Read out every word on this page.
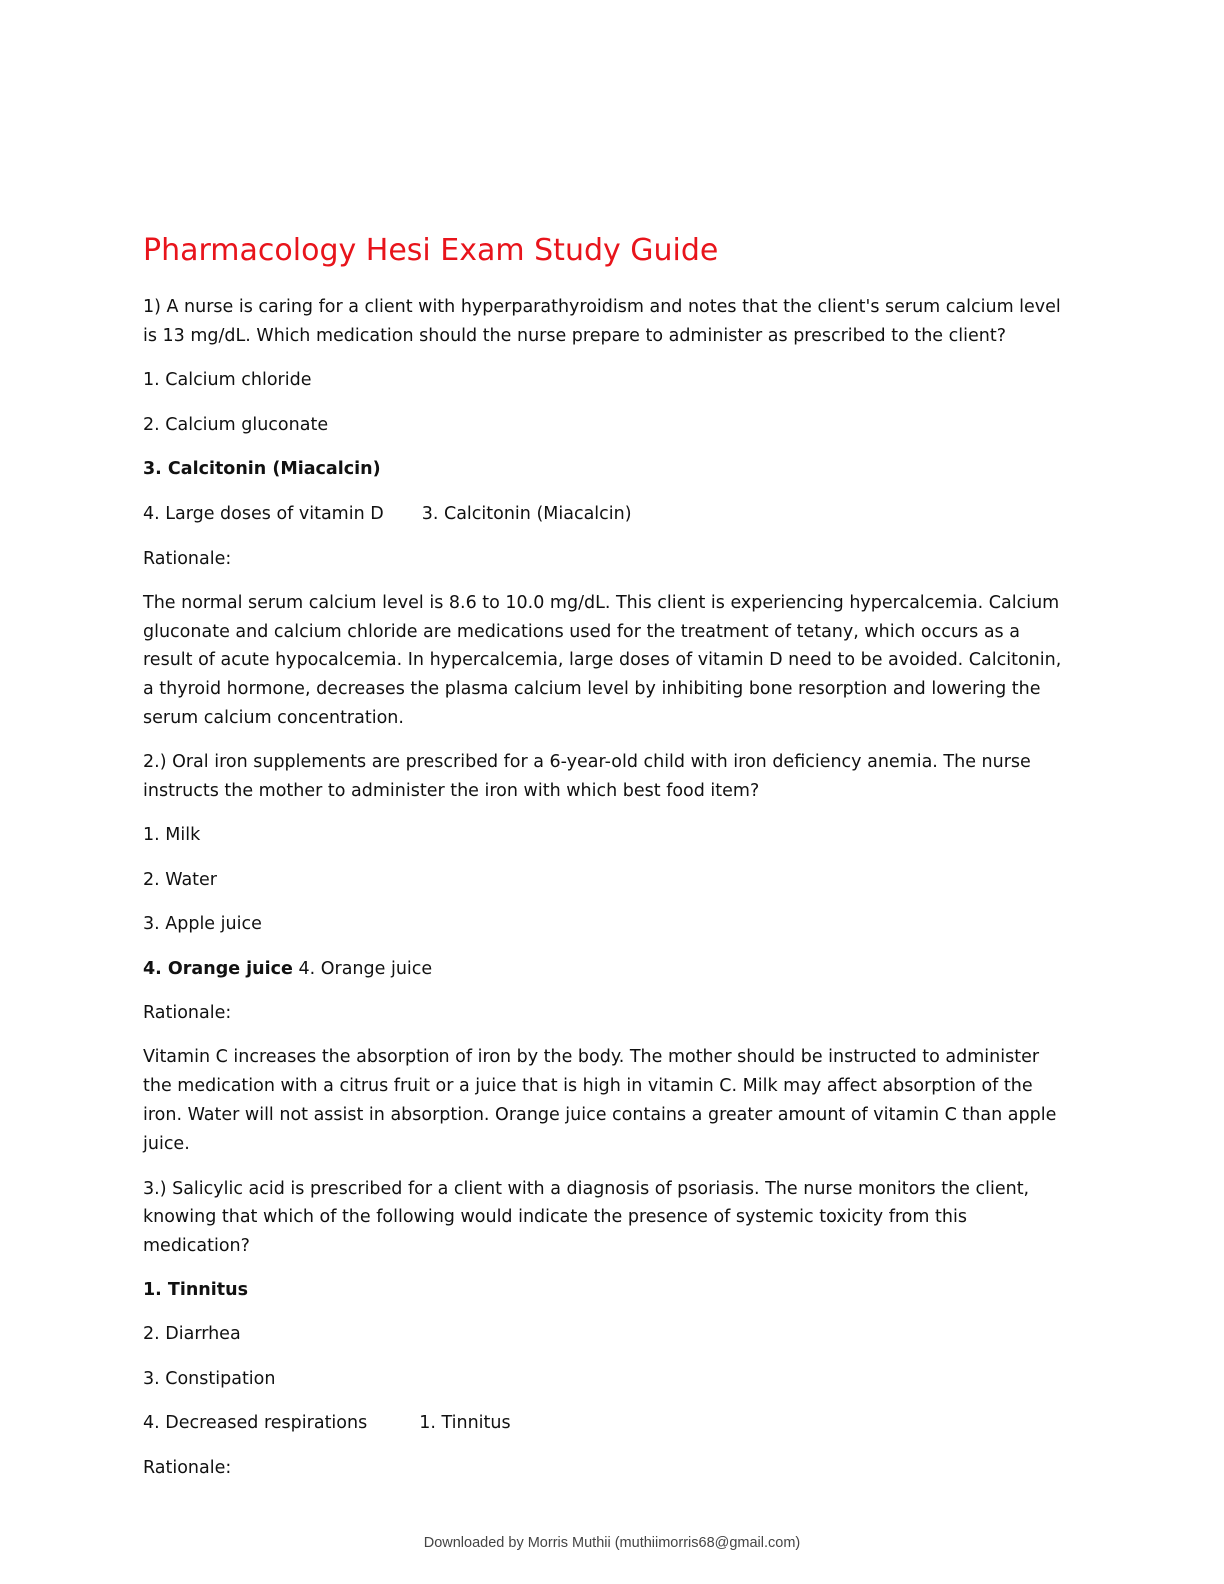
Pharmacology Hesi Exam Study Guide

1) A nurse is caring for a client with hyperparathyroidism and notes that the client's serum calcium level

is 13 mg/dL. Which medication should the nurse prepare to administer as prescribed to the client?

1. Calcium chloride

2. Calcium gluconate

3. Calcitonin (Miacalcin)

4. Large doses of vitamin D 3. Calcitonin (Miacalcin)

Rationale:

The normal serum calcium level is 8.6 to 10.0 mg/dL. This client is experiencing hypercalcemia. Calcium

gluconate and calcium chloride are medications used for the treatment of tetany, which occurs as a

result of acute hypocalcemia. In hypercalcemia, large doses of vitamin D need to be avoided. Calcitonin,

a thyroid hormone, decreases the plasma calcium level by inhibiting bone resorption and lowering the

serum calcium concentration.

2.) Oral iron supplements are prescribed for a 6-year-old child with iron deficiency anemia. The nurse

instructs the mother to administer the iron with which best food item?

1. Milk

2. Water

3. Apple juice

4. Orange juice 4. Orange juice

Rationale:

Vitamin C increases the absorption of iron by the body. The mother should be instructed to administer

the medication with a citrus fruit or a juice that is high in vitamin C. Milk may affect absorption of the

iron. Water will not assist in absorption. Orange juice contains a greater amount of vitamin C than apple

juice.

3.) Salicylic acid is prescribed for a client with a diagnosis of psoriasis. The nurse monitors the client,

knowing that which of the following would indicate the presence of systemic toxicity from this

medication?

1. Tinnitus

2. Diarrhea

3. Constipation

4. Decreased respirations	1. Tinnitus

Rationale:

Downloaded by Morris Muthii (muthiimorris68@gmail.com)
